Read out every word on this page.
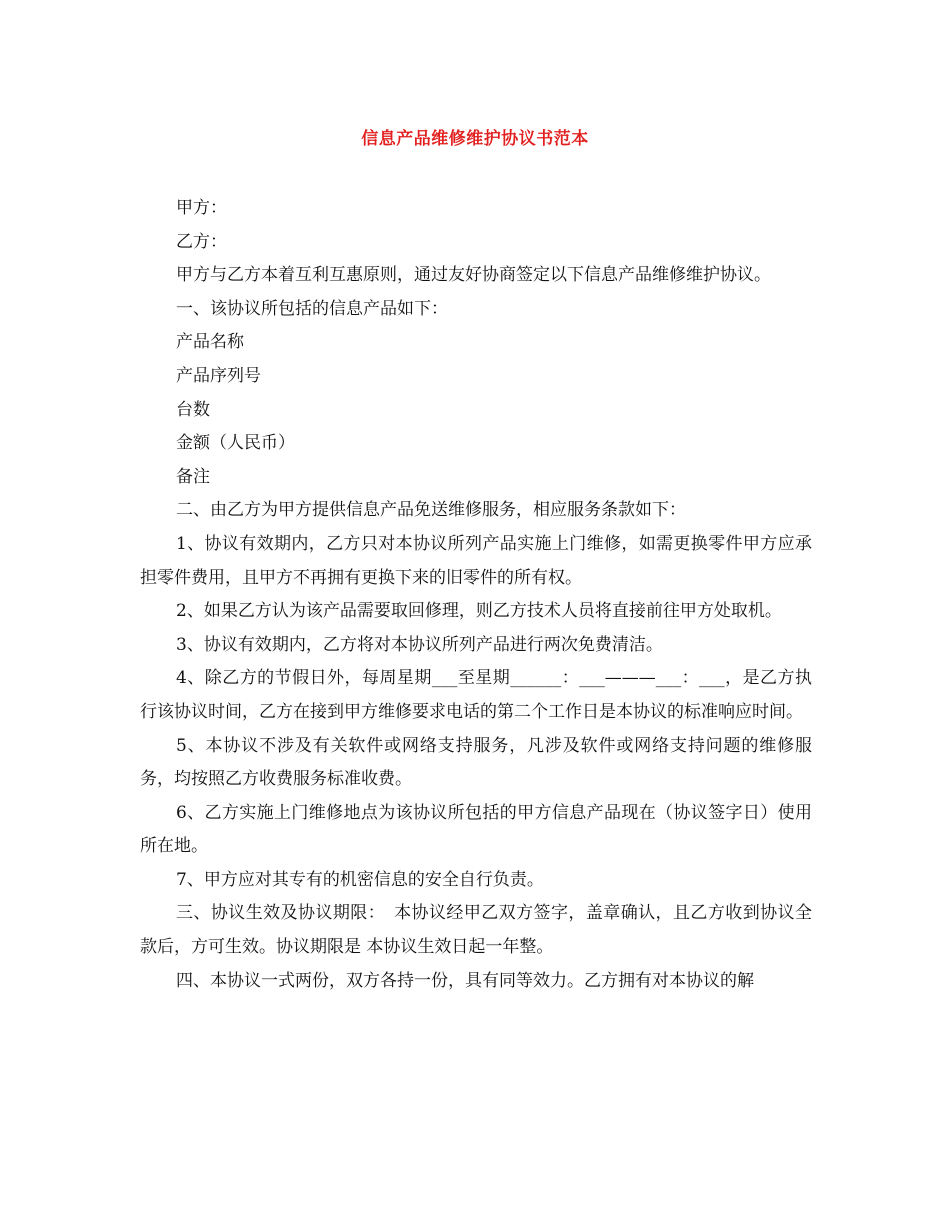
信息产品维修维护协议书范本

甲方：

乙方：

甲方与乙方本着互利互惠原则，通过友好协商签定以下信息产品维修维护协议。

一、该协议所包括的信息产品如下：

产品名称

产品序列号

台数

金额（人民币）

备注

二、由乙方为甲方提供信息产品免送维修服务，相应服务条款如下：

1、协议有效期内，乙方只对本协议所列产品实施上门维修，如需更换零件甲方应承担零件费用，且甲方不再拥有更换下来的旧零件的所有权。

2、如果乙方认为该产品需要取回修理，则乙方技术人员将直接前往甲方处取机。

3、协议有效期内，乙方将对本协议所列产品进行两次免费清洁。

4、除乙方的节假日外，每周星期___至星期______：___———___：___，是乙方执行该协议时间，乙方在接到甲方维修要求电话的第二个工作日是本协议的标准响应时间。

5、本协议不涉及有关软件或网络支持服务，凡涉及软件或网络支持问题的维修服务，均按照乙方收费服务标准收费。

6、乙方实施上门维修地点为该协议所包括的甲方信息产品现在（协议签字日）使用所在地。

7、甲方应对其专有的机密信息的安全自行负责。

三、协议生效及协议期限：　本协议经甲乙双方签字，盖章确认，且乙方收到协议全款后，方可生效。协议期限是 本协议生效日起一年整。

四、本协议一式两份，双方各持一份，具有同等效力。乙方拥有对本协议的解
